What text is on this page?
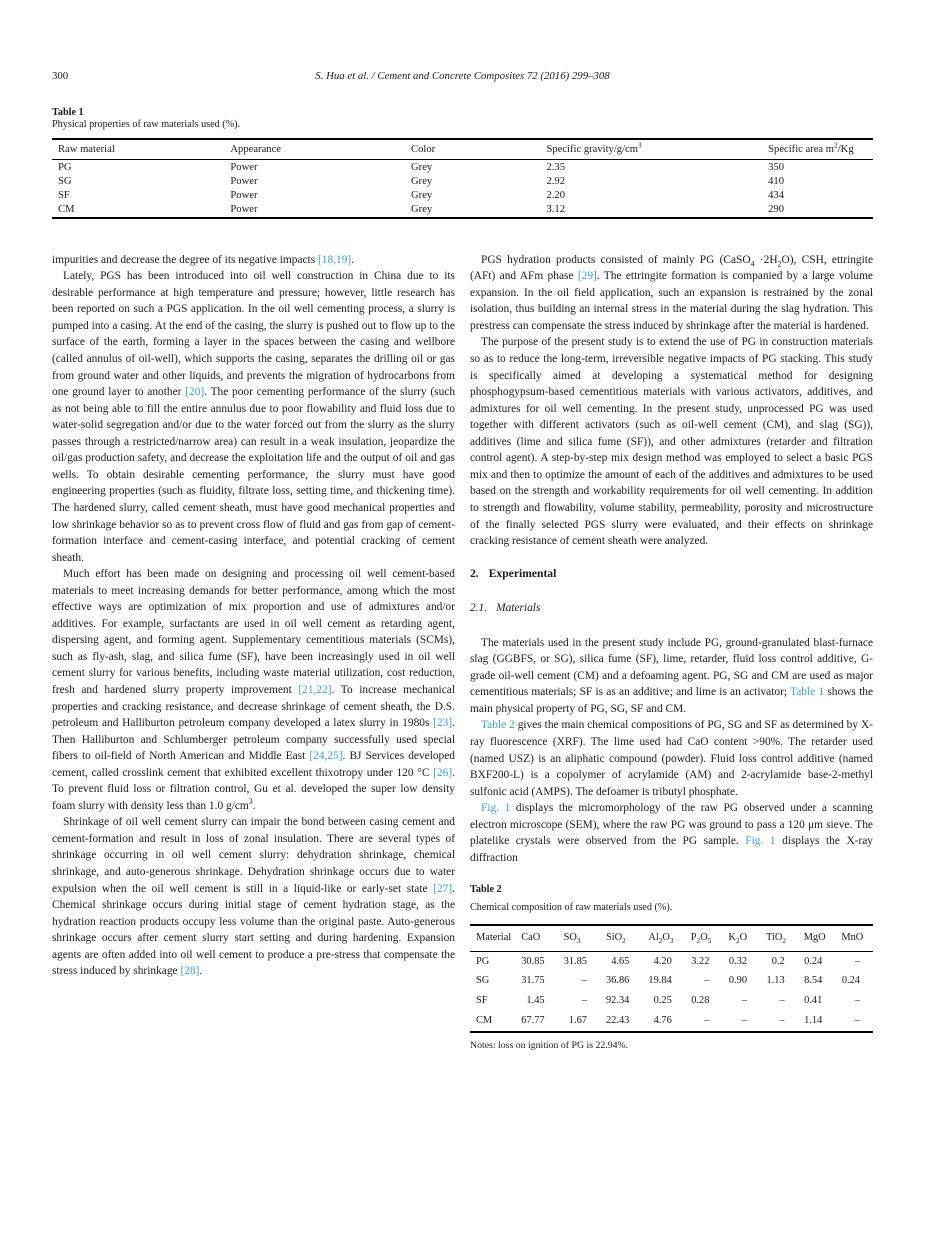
300	S. Hua et al. / Cement and Concrete Composites 72 (2016) 299–308
Table 1
Physical properties of raw materials used (%).
Raw material	Appearance	Color	Specific gravity/$g/cm^3$	Specific area $m^2/Kg$
PG	Power	Grey	2.35	350
SG	Power	Grey	2.92	410
SF	Power	Grey	2.20	434
CM	Power	Grey	3.12	290

impurities and decrease the degree of its negative impacts [18,19].

Lately, PGS has been introduced into oil well construction in China due to its desirable performance at high temperature and pressure; however, little research has been reported on such a PGS application. In the oil well cementing process, a slurry is pumped into a casing. At the end of the casing, the slurry is pushed out to flow up to the surface of the earth, forming a layer in the spaces between the casing and wellbore (called annulus of oil-well), which supports the casing, separates the drilling oil or gas from ground water and other liquids, and prevents the migration of hydrocarbons from one ground layer to another [20]. The poor cementing performance of the slurry (such as not being able to fill the entire annulus due to poor flowability and fluid loss due to water-solid segregation and/or due to the water forced out from the slurry as the slurry passes through a restricted/narrow area) can result in a weak insulation, jeopardize the oil/gas production safety, and decrease the exploitation life and the output of oil and gas wells. To obtain desirable cementing performance, the slurry must have good engineering properties (such as fluidity, filtrate loss, setting time, and thickening time). The hardened slurry, called cement sheath, must have good mechanical properties and low shrinkage behavior so as to prevent cross flow of fluid and gas from gap of cement-formation interface and cement-casing interface, and potential cracking of cement sheath.

Much effort has been made on designing and processing oil well cement-based materials to meet increasing demands for better performance, among which the most effective ways are optimization of mix proportion and use of admixtures and/or additives. For example, surfactants are used in oil well cement as retarding agent, dispersing agent, and forming agent. Supplementary cementitious materials (SCMs), such as fly-ash, slag, and silica fume (SF), have been increasingly used in oil well cement slurry for various benefits, including waste material utilization, cost reduction, fresh and hardened slurry property improvement [21,22]. To increase mechanical properties and cracking resistance, and decrease shrinkage of cement sheath, the D.S. petroleum and Halliburton petroleum company developed a latex slurry in 1980s [23]. Then Halliburton and Schlumberger petroleum company successfully used special fibers to oil-field of North American and Middle East [24,25]. BJ Services developed cement, called crosslink cement that exhibited excellent thixotropy under 120 °C [26]. To prevent fluid loss or filtration control, Gu et al. developed the super low density foam slurry with density less than 1.0 $g/cm^3$.

Shrinkage of oil well cement slurry can impair the bond between casing cement and cement-formation and result in loss of zonal insulation. There are several types of shrinkage occurring in oil well cement slurry: dehydration shrinkage, chemical shrinkage, and auto-generous shrinkage. Dehydration shrinkage occurs due to water expulsion when the oil well cement is still in a liquid-like or early-set state [27]. Chemical shrinkage occurs during initial stage of cement hydration stage, as the hydration reaction products occupy less volume than the original paste. Auto-generous shrinkage occurs after cement slurry start setting and during hardening. Expansion agents are often added into oil well cement to produce a pre-stress that compensate the stress induced by shrinkage [28].

PGS hydration products consisted of mainly PG (CaSO$_4$ $\cdot 2H_2O$), CSH, ettringite (AFt) and AFm phase [29]. The ettringite formation is companied by a large volume expansion. In the oil field application, such an expansion is restrained by the zonal isolation, thus building an internal stress in the material during the slag hydration. This prestress can compensate the stress induced by shrinkage after the material is hardened.

The purpose of the present study is to extend the use of PG in construction materials so as to reduce the long-term, irreversible negative impacts of PG stacking. This study is specifically aimed at developing a systematical method for designing phosphogypsum-based cementitious materials with various activators, additives, and admixtures for oil well cementing. In the present study, unprocessed PG was used together with different activators (such as oil-well cement (CM), and slag (SG)), additives (lime and silica fume (SF)), and other admixtures (retarder and filtration control agent). A step-by-step mix design method was employed to select a basic PGS mix and then to optimize the amount of each of the additives and admixtures to be used based on the strength and workability requirements for oil well cementing. In addition to strength and flowability, volume stability, permeability, porosity and microstructure of the finally selected PGS slurry were evaluated, and their effects on shrinkage cracking resistance of cement sheath were analyzed.

2. Experimental
2.1. Materials

The materials used in the present study include PG, ground-granulated blast-furnace slag (GGBFS, or SG), silica fume (SF), lime, retarder, fluid loss control additive, G-grade oil-well cement (CM) and a defoaming agent. PG, SG and CM are used as major cementitious materials; SF is as an additive; and lime is an activator; Table 1 shows the main physical property of PG, SG, SF and CM.

Table 2 gives the main chemical compositions of PG, SG and SF as determined by X-ray fluorescence (XRF). The lime used had CaO content >90%. The retarder used (named USZ) is an aliphatic compound (powder). Fluid loss control additive (named BXF200-L) is a copolymer of acrylamide (AM) and 2-acrylamide base-2-methyl sulfonic acid (AMPS). The defoamer is tributyl phosphate.

Fig. 1 displays the micromorphology of the raw PG observed under a scanning electron microscope (SEM), where the raw PG was ground to pass a 120 μm sieve. The platelike crystals were observed from the PG sample. Fig. 1 displays the X-ray diffraction

Table 2
Chemical composition of raw materials used (%).
Material	CaO	$SO_3$	SiO$_2$	$Al_2O_3$	$P_2O_5$	$K_2O$	TiO$_2$	MgO	MnO
PG	30.85	31.85	4.65	4.20	3.22	0.32	0.2	0.24	–
SG	31.75	–	36.86	19.84	–	0.90	1.13	8.54	0.24
SF	1.45	–	92.34	0.25	0.28	–	–	0.41	–
CM	67.77	1.67	22.43	4.76	–	–	–	1.14	–
Notes: loss on ignition of PG is 22.94%.
